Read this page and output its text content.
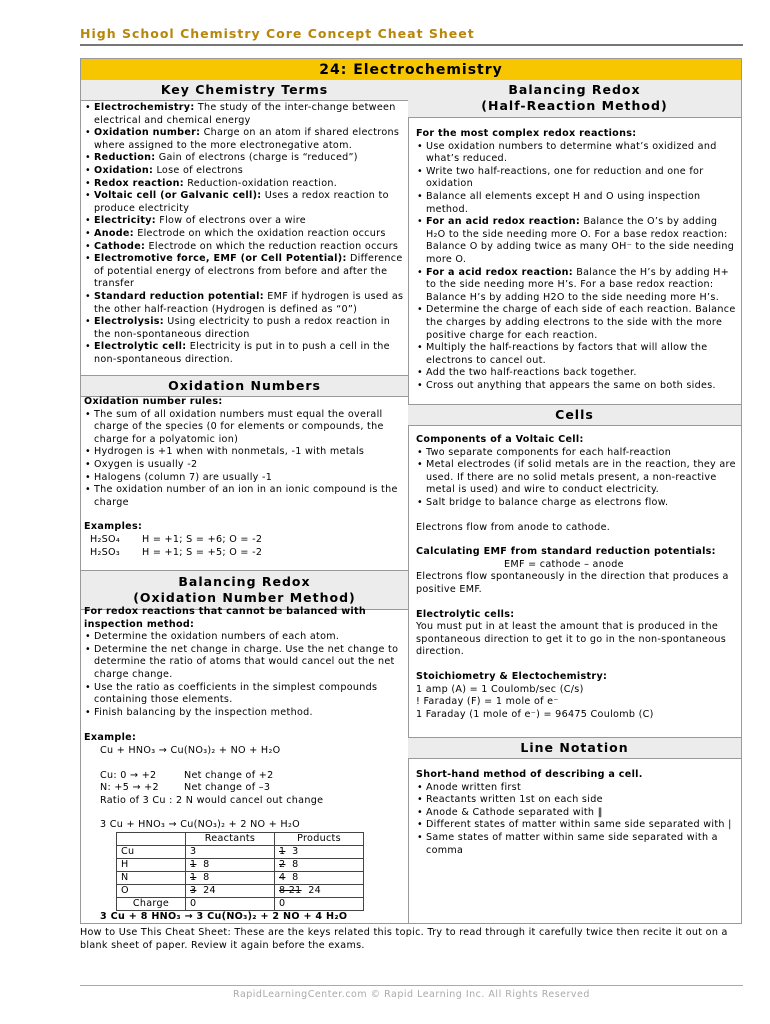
High School Chemistry Core Concept Cheat Sheet
24: Electrochemistry
Key Chemistry Terms
• Electrochemistry: The study of the inter-change between electrical and chemical energy
• Oxidation number: Charge on an atom if shared electrons where assigned to the more electronegative atom.
• Reduction: Gain of electrons (charge is “reduced”)
• Oxidation: Lose of electrons
• Redox reaction: Reduction-oxidation reaction.
• Voltaic cell (or Galvanic cell): Uses a redox reaction to produce electricity
• Electricity: Flow of electrons over a wire
• Anode: Electrode on which the oxidation reaction occurs
• Cathode: Electrode on which the reduction reaction occurs
• Electromotive force, EMF (or Cell Potential): Difference of potential energy of electrons from before and after the transfer
• Standard reduction potential: EMF if hydrogen is used as the other half-reaction (Hydrogen is defined as “0”)
• Electrolysis: Using electricity to push a redox reaction in the non-spontaneous direction
• Electrolytic cell: Electricity is put in to push a cell in the non-spontaneous direction.
Oxidation Numbers
Oxidation number rules:
• The sum of all oxidation numbers must equal the overall charge of the species (0 for elements or compounds, the charge for a polyatomic ion)
• Hydrogen is +1 when with nonmetals, -1 with metals
• Oxygen is usually -2
• Halogens (column 7) are usually -1
• The oxidation number of an ion in an ionic compound is the charge
Examples:
H₂SO₄ H = +1; S = +6; O = -2
H₂SO₃ H = +1; S = +5; O = -2
Balancing Redox
(Oxidation Number Method)
For redox reactions that cannot be balanced with inspection method:
• Determine the oxidation numbers of each atom.
• Determine the net change in charge. Use the net change to determine the ratio of atoms that would cancel out the net charge change.
• Use the ratio as coefficients in the simplest compounds containing those elements.
• Finish balancing by the inspection method.
Example:
Cu + HNO₃ → Cu(NO₃)₂ + NO + H₂O
Cu: 0 → +2	Net change of +2
N: +5 → +2	Net change of –3
Ratio of 3 Cu : 2 N would cancel out change
3 Cu + HNO₃ → Cu(NO₃)₂ + 2 NO + H₂O
	Reactants	Products
Cu	3	1 3
H	1 8	2 8
N	1 8	4 8
O	3 24	8 21 24
Charge	0	0
3 Cu + 8 HNO₃ → 3 Cu(NO₃)₂ + 2 NO + 4 H₂O
Balancing Redox
(Half-Reaction Method)
For the most complex redox reactions:
• Use oxidation numbers to determine what’s oxidized and what’s reduced.
• Write two half-reactions, one for reduction and one for oxidation
• Balance all elements except H and O using inspection method.
• For an acid redox reaction: Balance the O’s by adding H₂O to the side needing more O. For a base redox reaction: Balance O by adding twice as many OH⁻ to the side needing more O.
• For a acid redox reaction: Balance the H’s by adding H+ to the side needing more H’s. For a base redox reaction: Balance H’s by adding H2O to the side needing more H’s.
• Determine the charge of each side of each reaction. Balance the charges by adding electrons to the side with the more positive charge for each reaction.
• Multiply the half-reactions by factors that will allow the electrons to cancel out.
• Add the two half-reactions back together.
• Cross out anything that appears the same on both sides.
Cells
Components of a Voltaic Cell:
• Two separate components for each half-reaction
• Metal electrodes (if solid metals are in the reaction, they are used. If there are no solid metals present, a non-reactive metal is used) and wire to conduct electricity.
• Salt bridge to balance charge as electrons flow.
Electrons flow from anode to cathode.
Calculating EMF from standard reduction potentials:
EMF = cathode – anode
Electrons flow spontaneously in the direction that produces a positive EMF.
Electrolytic cells:
You must put in at least the amount that is produced in the spontaneous direction to get it to go in the non-spontaneous direction.
Stoichiometry & Electochemistry:
1 amp (A) = 1 Coulomb/sec (C/s)
! Faraday (F) = 1 mole of e⁻
1 Faraday (1 mole of e⁻) = 96475 Coulomb (C)
Line Notation
Short-hand method of describing a cell.
• Anode written first
• Reactants written 1st on each side
• Anode & Cathode separated with ‖
• Different states of matter within same side separated with |
• Same states of matter within same side separated with a comma
How to Use This Cheat Sheet: These are the keys related this topic. Try to read through it carefully twice then recite it out on a blank sheet of paper. Review it again before the exams.
RapidLearningCenter.com © Rapid Learning Inc. All Rights Reserved
